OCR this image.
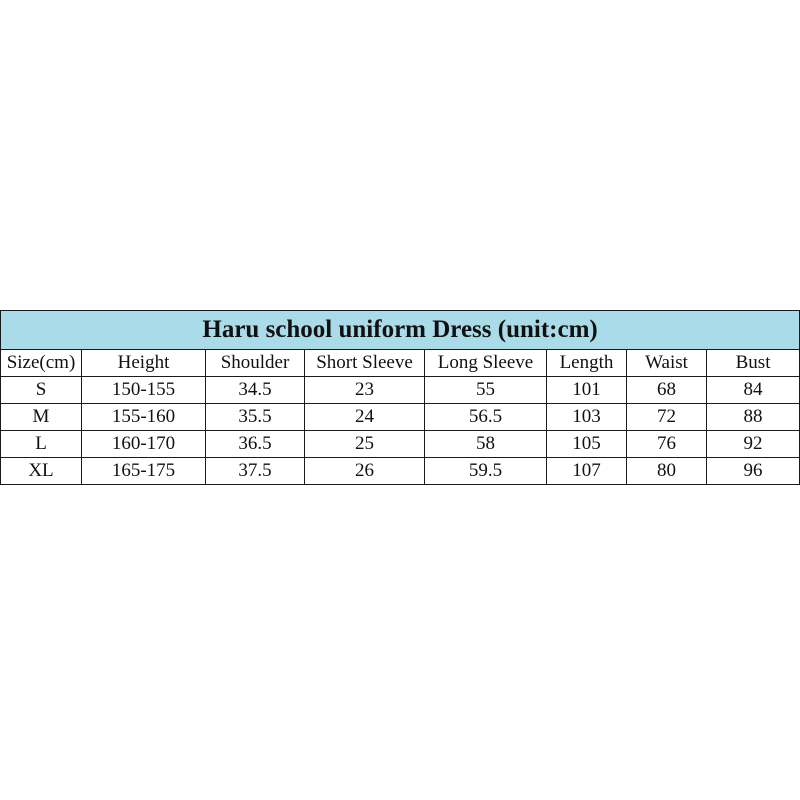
Haru school uniform Dress (unit:cm)							
Size(cm)	Height	Shoulder	Short Sleeve	Long Sleeve	Length	Waist	Bust
S	150-155	34.5	23	55	101	68	84
M	155-160	35.5	24	56.5	103	72	88
L	160-170	36.5	25	58	105	76	92
XL	165-175	37.5	26	59.5	107	80	96
